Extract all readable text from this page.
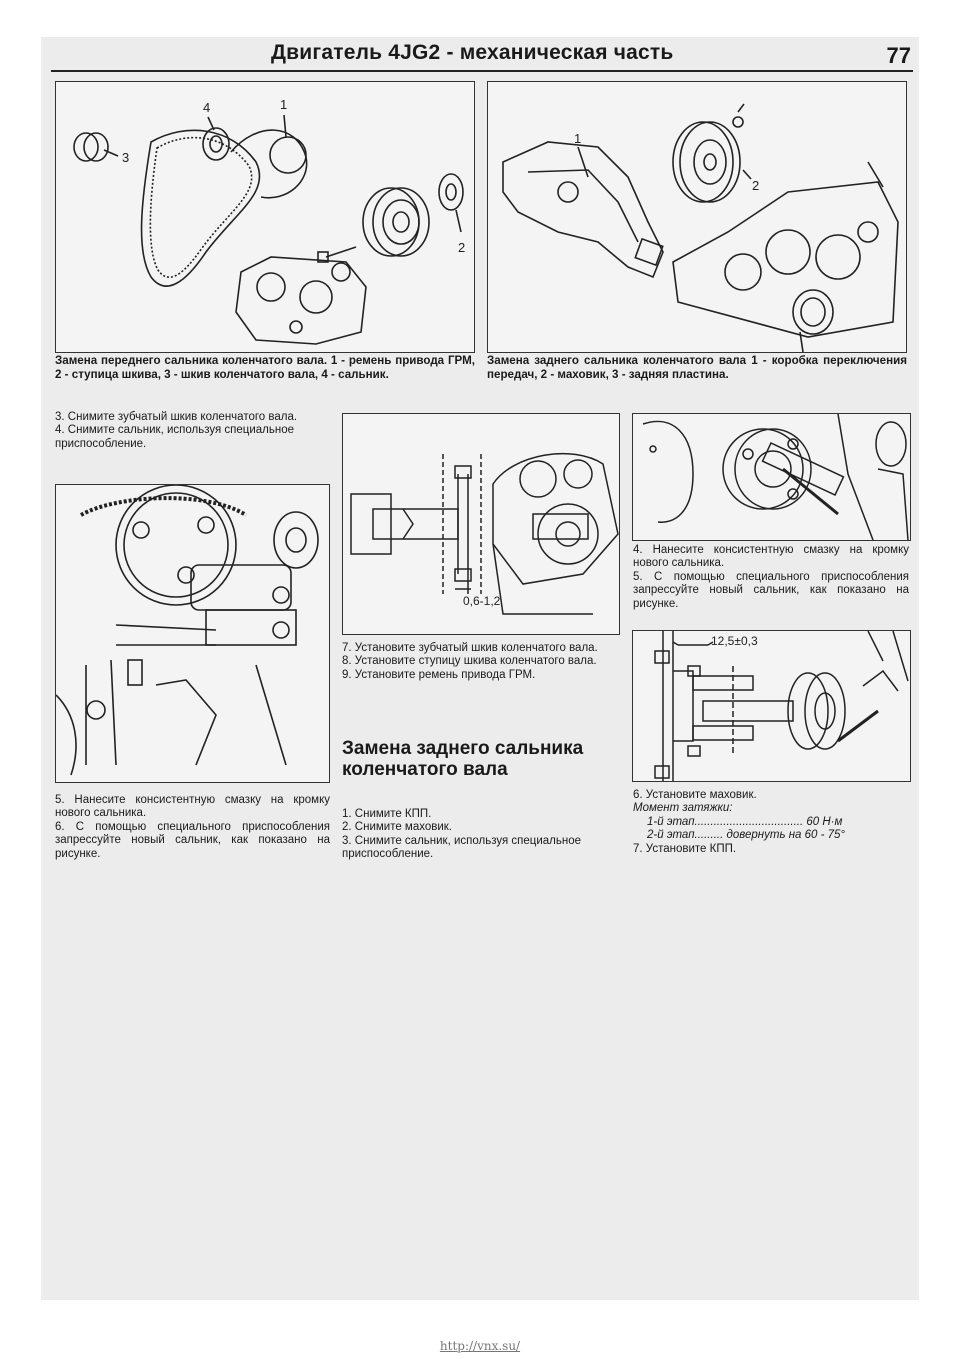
Двигатель 4JG2 - механическая часть	77
4	1
3
2
Замена переднего сальника коленчатого вала. 1 - ремень привода ГРМ, 2 - ступица шкива, 3 - шкив коленчатого вала, 4 - сальник.
1
2
Замена заднего сальника коленчатого вала 1 - коробка переключения передач, 2 - маховик, 3 - задняя пластина.
3. Снимите зубчатый шкив коленчатого вала.
4. Снимите сальник, используя специальное приспособление.
5. Нанесите консистентную смазку на кромку нового сальника.
6. С помощью специального приспособления запрессуйте новый сальник, как показано на рисунке.
0,6-1,2
7. Установите зубчатый шкив коленчатого вала.
8. Установите ступицу шкива коленчатого вала.
9. Установите ремень привода ГРМ.
Замена заднего сальника коленчатого вала
1. Снимите КПП.
2. Снимите маховик.
3. Снимите сальник, используя специальное приспособление.
4. Нанесите консистентную смазку на кромку нового сальника.
5. С помощью специального приспособления запрессуйте новый сальник, как показано на рисунке.
12,5±0,3
6. Установите маховик.
Момент затяжки:
1-й этап.................................. 60 Н·м
2-й этап......... довернуть на 60 - 75°
7. Установите КПП.
http://vnx.su/
